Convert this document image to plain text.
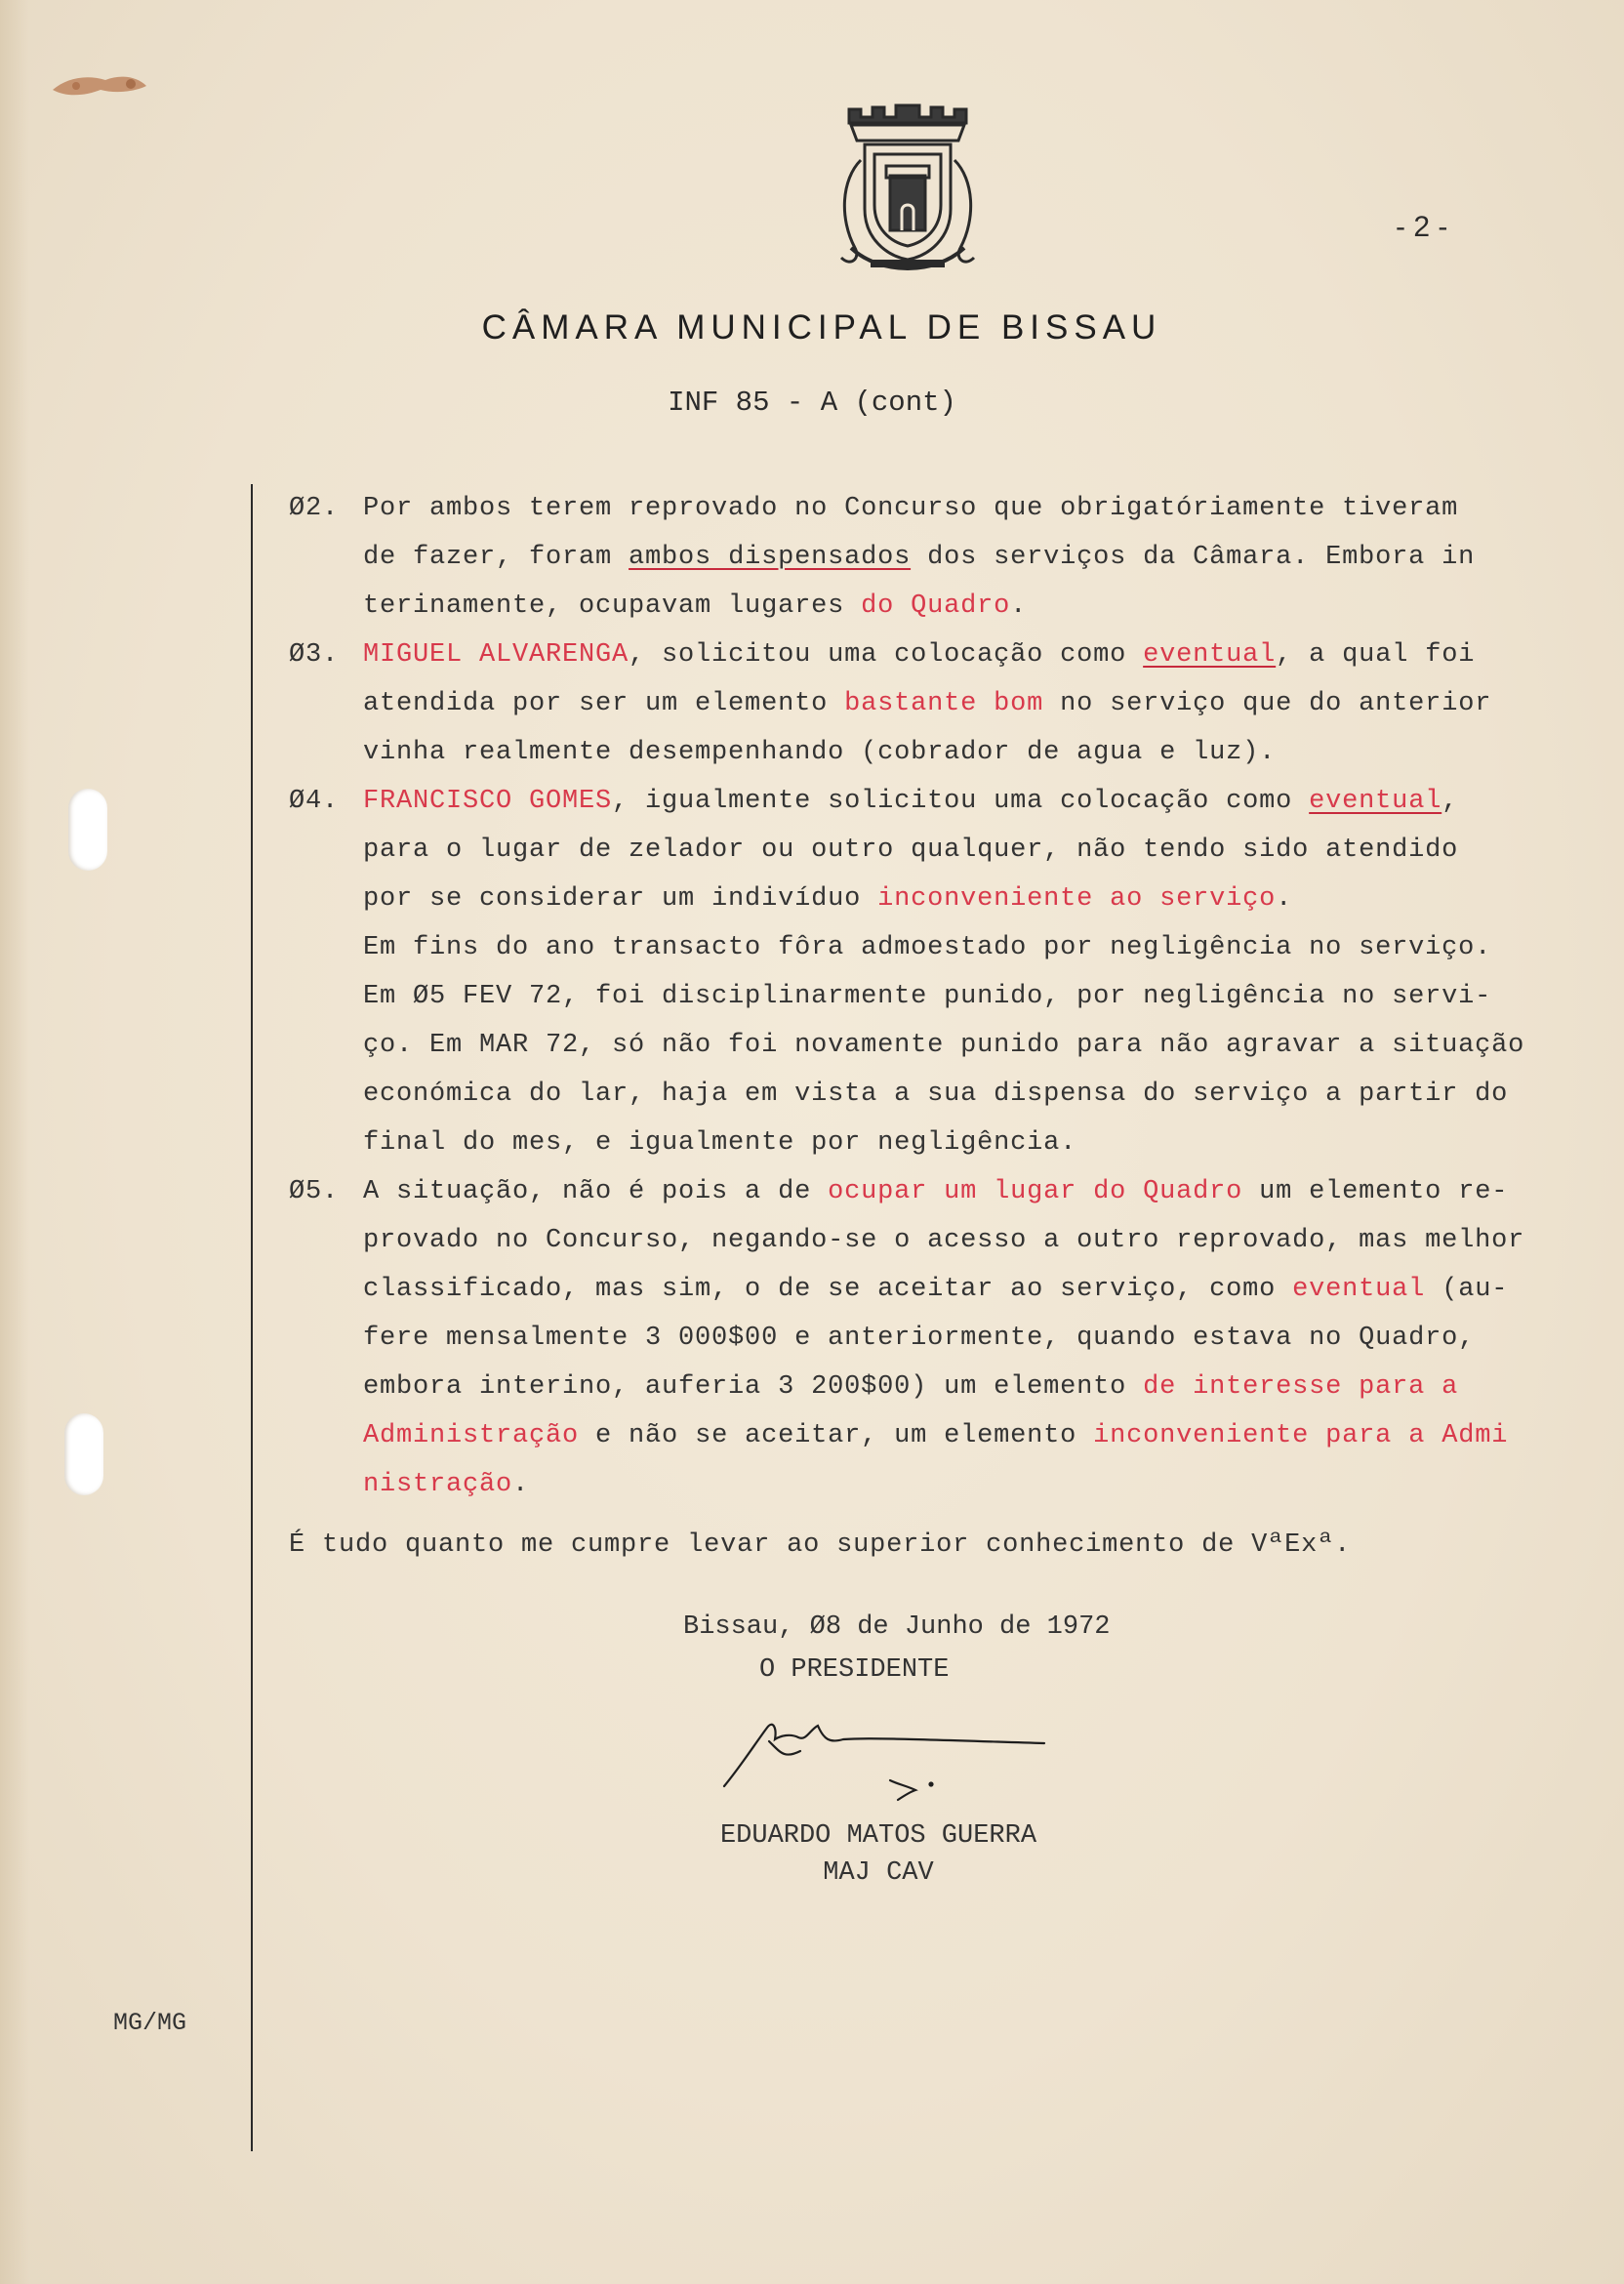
- 2 -
CÂMARA MUNICIPAL DE BISSAU
INF 85 - A (cont)
Ø2. Por ambos terem reprovado no Concurso que obrigatóriamente tiveram
de fazer, foram ambos dispensados dos serviços da Câmara. Embora in
terinamente, ocupavam lugares do Quadro.
Ø3. MIGUEL ALVARENGA, solicitou uma colocação como eventual, a qual foi
atendida por ser um elemento bastante bom no serviço que do anterior
vinha realmente desempenhando (cobrador de agua e luz).
Ø4. FRANCISCO GOMES, igualmente solicitou uma colocação como eventual,
para o lugar de zelador ou outro qualquer, não tendo sido atendido
por se considerar um indivíduo inconveniente ao serviço.
Em fins do ano transacto fôra admoestado por negligência no serviço.
Em Ø5 FEV 72, foi disciplinarmente punido, por negligência no servi-
ço. Em MAR 72, só não foi novamente punido para não agravar a situação
económica do lar, haja em vista a sua dispensa do serviço a partir do
final do mes, e igualmente por negligência.
Ø5. A situação, não é pois a de ocupar um lugar do Quadro um elemento re-
provado no Concurso, negando-se o acesso a outro reprovado, mas melhor
classificado, mas sim, o de se aceitar ao serviço, como eventual (au-
fere mensalmente 3 000$00 e anteriormente, quando estava no Quadro,
embora interino, auferia 3 200$00) um elemento de interesse para a
Administração e não se aceitar, um elemento inconveniente para a Admi
nistração.
É tudo quanto me cumpre levar ao superior conhecimento de VªExª.
Bissau, Ø8 de Junho de 1972
O PRESIDENTE
EDUARDO MATOS GUERRA
MAJ CAV
MG/MG
